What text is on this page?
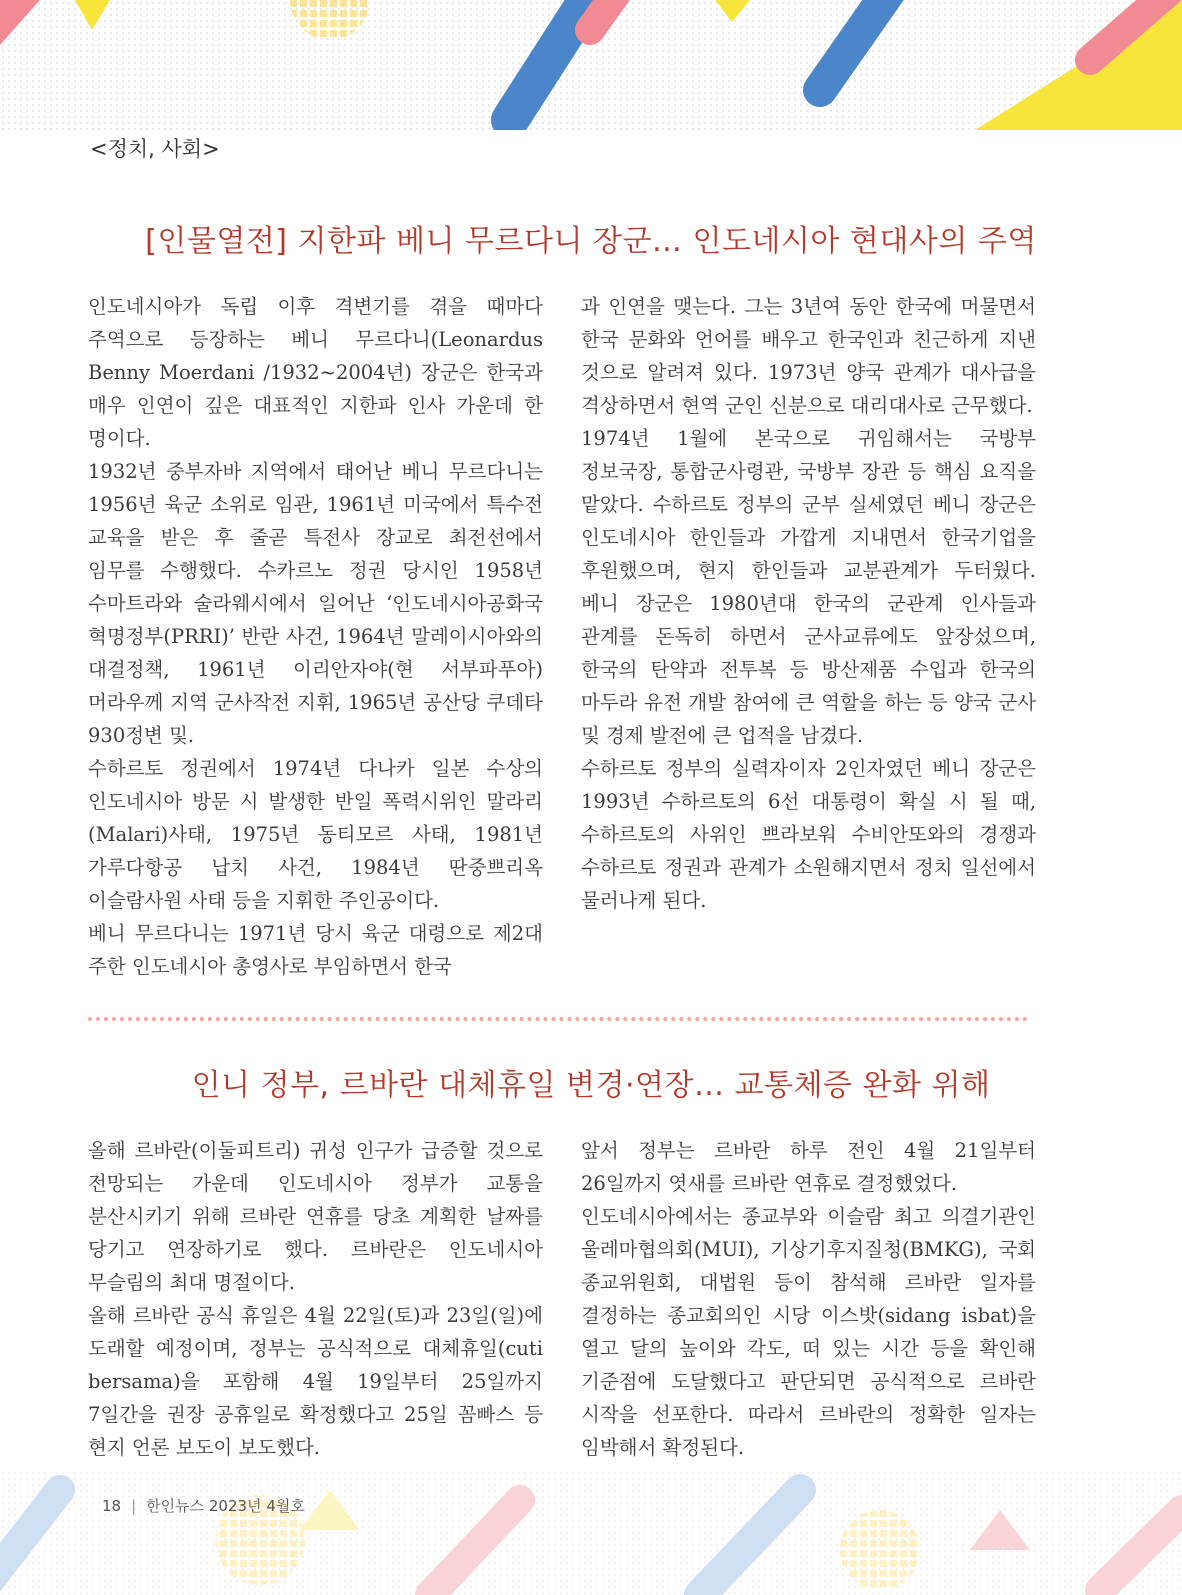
<정치, 사회>
[인물열전] 지한파 베니 무르다니 장군… 인도네시아 현대사의 주역

인도네시아가 독립 이후 격변기를 겪을 때마다 주역으로 등장하는 베니 무르다니(Leonardus Benny Moerdani /1932~2004년) 장군은 한국과 매우 인연이 깊은 대표적인 지한파 인사 가운데 한 명이다.

1932년 중부자바 지역에서 태어난 베니 무르다니는 1956년 육군 소위로 임관, 1961년 미국에서 특수전 교육을 받은 후 줄곧 특전사 장교로 최전선에서 임무를 수행했다. 수카르노 정권 당시인 1958년 수마트라와 술라웨시에서 일어난 ‘인도네시아공화국 혁명정부(PRRI)’ 반란 사건, 1964년 말레이시아와의 대결정책, 1961년 이리안자야(현 서부파푸아) 머라우께 지역 군사작전 지휘, 1965년 공산당 쿠데타 930정변 및.

수하르토 정권에서 1974년 다나카 일본 수상의 인도네시아 방문 시 발생한 반일 폭력시위인 말라리(Malari)사태, 1975년 동티모르 사태, 1981년 가루다항공 납치 사건, 1984년 딴중쁘리옥 이슬람사원 사태 등을 지휘한 주인공이다.

베니 무르다니는 1971년 당시 육군 대령으로 제2대 주한 인도네시아 총영사로 부임하면서 한국

과 인연을 맺는다. 그는 3년여 동안 한국에 머물면서 한국 문화와 언어를 배우고 한국인과 친근하게 지낸 것으로 알려져 있다. 1973년 양국 관계가 대사급을 격상하면서 현역 군인 신분으로 대리대사로 근무했다.

1974년 1월에 본국으로 귀임해서는 국방부 정보국장, 통합군사령관, 국방부 장관 등 핵심 요직을 맡았다. 수하르토 정부의 군부 실세였던 베니 장군은 인도네시아 한인들과 가깝게 지내면서 한국기업을 후원했으며, 현지 한인들과 교분관계가 두터웠다. 베니 장군은 1980년대 한국의 군관계 인사들과 관계를 돈독히 하면서 군사교류에도 앞장섰으며, 한국의 탄약과 전투복 등 방산제품 수입과 한국의 마두라 유전 개발 참여에 큰 역할을 하는 등 양국 군사 및 경제 발전에 큰 업적을 남겼다.

수하르토 정부의 실력자이자 2인자였던 베니 장군은 1993년 수하르토의 6선 대통령이 확실 시 될 때, 수하르토의 사위인 쁘라보워 수비안또와의 경쟁과 수하르토 정권과 관계가 소원해지면서 정치 일선에서 물러나게 된다.

인니 정부, 르바란 대체휴일 변경·연장… 교통체증 완화 위해

올해 르바란(이둘피트리) 귀성 인구가 급증할 것으로 전망되는 가운데 인도네시아 정부가 교통을 분산시키기 위해 르바란 연휴를 당초 계획한 날짜를 당기고 연장하기로 했다. 르바란은 인도네시아 무슬림의 최대 명절이다.

올해 르바란 공식 휴일은 4월 22일(토)과 23일(일)에 도래할 예정이며, 정부는 공식적으로 대체휴일(cuti bersama)을 포함해 4월 19일부터 25일까지 7일간을 권장 공휴일로 확정했다고 25일 꼼빠스 등 현지 언론 보도이 보도했다.

앞서 정부는 르바란 하루 전인 4월 21일부터 26일까지 엿새를 르바란 연휴로 결정했었다.

인도네시아에서는 종교부와 이슬람 최고 의결기관인 울레마협의회(MUI), 기상기후지질청(BMKG), 국회 종교위원회, 대법원 등이 참석해 르바란 일자를 결정하는 종교회의인 시당 이스밧(sidang isbat)을 열고 달의 높이와 각도, 떠 있는 시간 등을 확인해 기준점에 도달했다고 판단되면 공식적으로 르바란 시작을 선포한다. 따라서 르바란의 정확한 일자는 임박해서 확정된다.

18 | 한인뉴스 2023년 4월호
